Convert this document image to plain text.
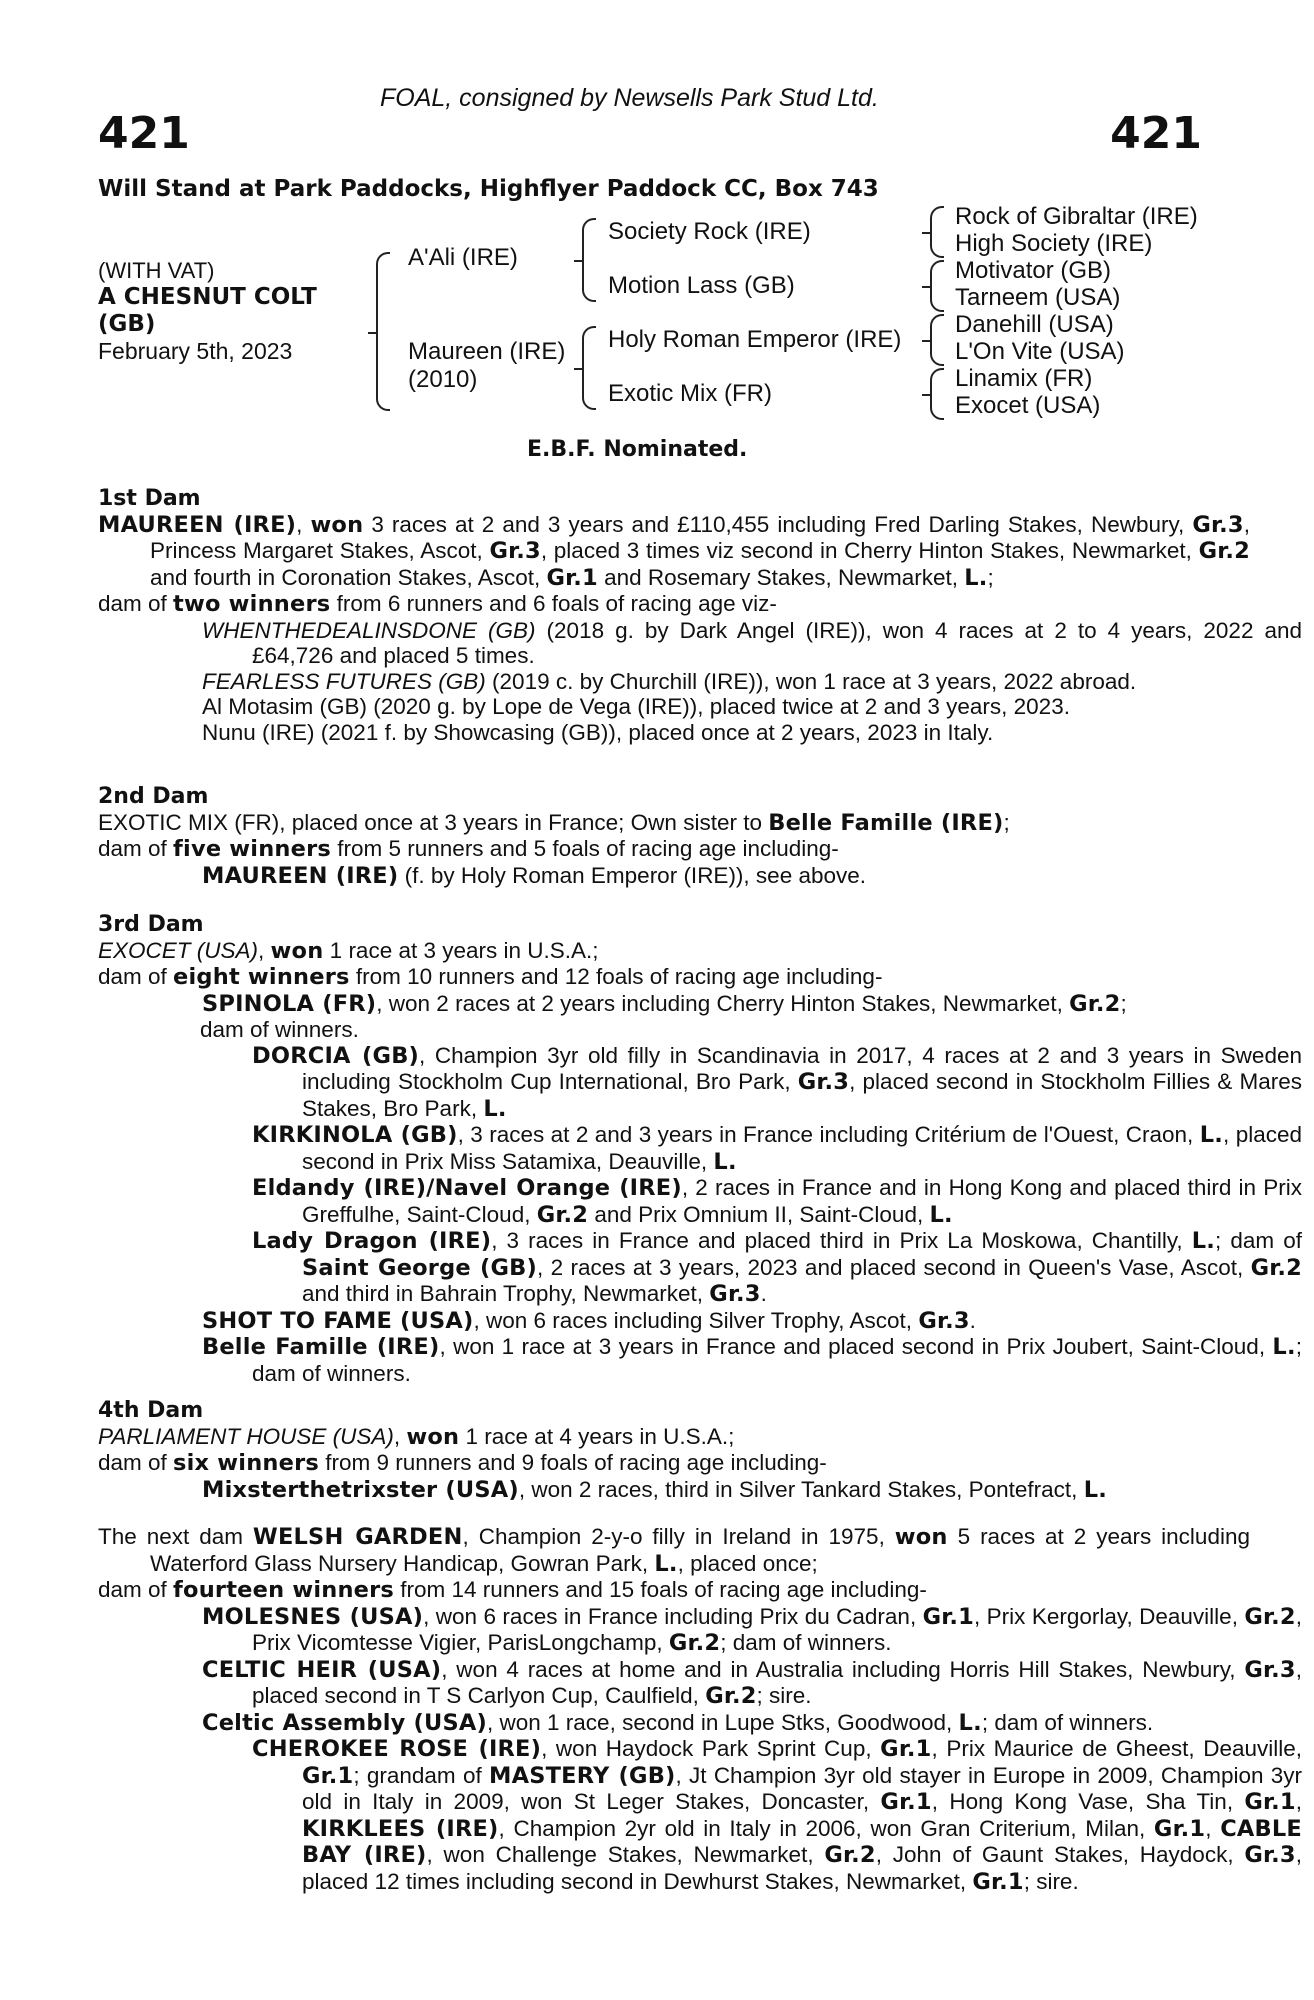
FOAL, consigned by Newsells Park Stud Ltd.
421	421
Will Stand at Park Paddocks, Highflyer Paddock CC, Box 743
(WITH VAT)
A CHESNUT COLT
(GB)
February 5th, 2023
A'Ali (IRE)
Maureen (IRE)
(2010)
Society Rock (IRE)
Motion Lass (GB)
Holy Roman Emperor (IRE)
Exotic Mix (FR)
Rock of Gibraltar (IRE)
High Society (IRE)
Motivator (GB)
Tarneem (USA)
Danehill (USA)
L'On Vite (USA)
Linamix (FR)
Exocet (USA)
E.B.F. Nominated.
1st Dam
MAUREEN (IRE), won 3 races at 2 and 3 years and £110,455 including Fred Darling Stakes, Newbury, Gr.3, Princess Margaret Stakes, Ascot, Gr.3, placed 3 times viz second in Cherry Hinton Stakes, Newmarket, Gr.2 and fourth in Coronation Stakes, Ascot, Gr.1 and Rosemary Stakes, Newmarket, L.;
dam of two winners from 6 runners and 6 foals of racing age viz-
WHENTHEDEALINSDONE (GB) (2018 g. by Dark Angel (IRE)), won 4 races at 2 to 4 years, 2022 and £64,726 and placed 5 times.
FEARLESS FUTURES (GB) (2019 c. by Churchill (IRE)), won 1 race at 3 years, 2022 abroad.
Al Motasim (GB) (2020 g. by Lope de Vega (IRE)), placed twice at 2 and 3 years, 2023.
Nunu (IRE) (2021 f. by Showcasing (GB)), placed once at 2 years, 2023 in Italy.
2nd Dam
EXOTIC MIX (FR), placed once at 3 years in France; Own sister to Belle Famille (IRE);
dam of five winners from 5 runners and 5 foals of racing age including-
MAUREEN (IRE) (f. by Holy Roman Emperor (IRE)), see above.
3rd Dam
EXOCET (USA), won 1 race at 3 years in U.S.A.;
dam of eight winners from 10 runners and 12 foals of racing age including-
SPINOLA (FR), won 2 races at 2 years including Cherry Hinton Stakes, Newmarket, Gr.2;
dam of winners.
DORCIA (GB), Champion 3yr old filly in Scandinavia in 2017, 4 races at 2 and 3 years in Sweden including Stockholm Cup International, Bro Park, Gr.3, placed second in Stockholm Fillies & Mares Stakes, Bro Park, L.
KIRKINOLA (GB), 3 races at 2 and 3 years in France including Critérium de l'Ouest, Craon, L., placed second in Prix Miss Satamixa, Deauville, L.
Eldandy (IRE)/Navel Orange (IRE), 2 races in France and in Hong Kong and placed third in Prix Greffulhe, Saint-Cloud, Gr.2 and Prix Omnium II, Saint-Cloud, L.
Lady Dragon (IRE), 3 races in France and placed third in Prix La Moskowa, Chantilly, L.; dam of Saint George (GB), 2 races at 3 years, 2023 and placed second in Queen's Vase, Ascot, Gr.2 and third in Bahrain Trophy, Newmarket, Gr.3.
SHOT TO FAME (USA), won 6 races including Silver Trophy, Ascot, Gr.3.
Belle Famille (IRE), won 1 race at 3 years in France and placed second in Prix Joubert, Saint-Cloud, L.; dam of winners.
4th Dam
PARLIAMENT HOUSE (USA), won 1 race at 4 years in U.S.A.;
dam of six winners from 9 runners and 9 foals of racing age including-
Mixsterthetrixster (USA), won 2 races, third in Silver Tankard Stakes, Pontefract, L.
The next dam WELSH GARDEN, Champion 2-y-o filly in Ireland in 1975, won 5 races at 2 years including Waterford Glass Nursery Handicap, Gowran Park, L., placed once;
dam of fourteen winners from 14 runners and 15 foals of racing age including-
MOLESNES (USA), won 6 races in France including Prix du Cadran, Gr.1, Prix Kergorlay, Deauville, Gr.2, Prix Vicomtesse Vigier, ParisLongchamp, Gr.2; dam of winners.
CELTIC HEIR (USA), won 4 races at home and in Australia including Horris Hill Stakes, Newbury, Gr.3, placed second in T S Carlyon Cup, Caulfield, Gr.2; sire.
Celtic Assembly (USA), won 1 race, second in Lupe Stks, Goodwood, L.; dam of winners.
CHEROKEE ROSE (IRE), won Haydock Park Sprint Cup, Gr.1, Prix Maurice de Gheest, Deauville, Gr.1; grandam of MASTERY (GB), Jt Champion 3yr old stayer in Europe in 2009, Champion 3yr old in Italy in 2009, won St Leger Stakes, Doncaster, Gr.1, Hong Kong Vase, Sha Tin, Gr.1, KIRKLEES (IRE), Champion 2yr old in Italy in 2006, won Gran Criterium, Milan, Gr.1, CABLE BAY (IRE), won Challenge Stakes, Newmarket, Gr.2, John of Gaunt Stakes, Haydock, Gr.3, placed 12 times including second in Dewhurst Stakes, Newmarket, Gr.1; sire.
